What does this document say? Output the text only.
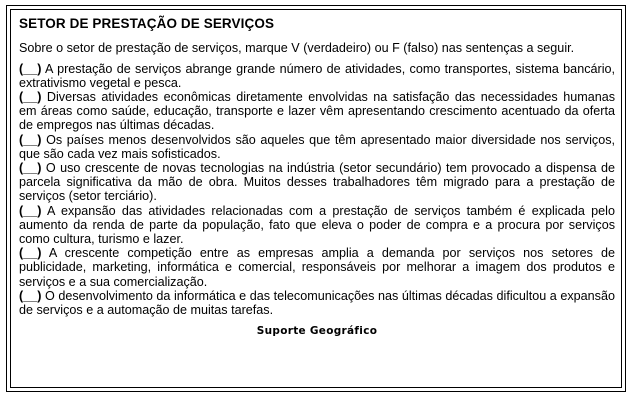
SETOR DE PRESTAÇÃO DE SERVIÇOS
Sobre o setor de prestação de serviços, marque V (verdadeiro) ou F (falso) nas sentenças a seguir.

(__) A prestação de serviços abrange grande número de atividades, como transportes, sistema bancário, extrativismo vegetal e pesca.

(__) Diversas atividades econômicas diretamente envolvidas na satisfação das necessidades humanas em áreas como saúde, educação, transporte e lazer vêm apresentando crescimento acentuado da oferta de empregos nas últimas décadas.

(__) Os países menos desenvolvidos são aqueles que têm apresentado maior diversidade nos serviços, que são cada vez mais sofisticados.

(__) O uso crescente de novas tecnologias na indústria (setor secundário) tem provocado a dispensa de parcela significativa da mão de obra. Muitos desses trabalhadores têm migrado para a prestação de serviços (setor terciário).

(__) A expansão das atividades relacionadas com a prestação de serviços também é explicada pelo aumento da renda de parte da população, fato que eleva o poder de compra e a procura por serviços como cultura, turismo e lazer.

(__) A crescente competição entre as empresas amplia a demanda por serviços nos setores de publicidade, marketing, informática e comercial, responsáveis por melhorar a imagem dos produtos e serviços e a sua comercialização.

(__) O desenvolvimento da informática e das telecomunicações nas últimas décadas dificultou a expansão de serviços e a automação de muitas tarefas.

Suporte Geográfico
